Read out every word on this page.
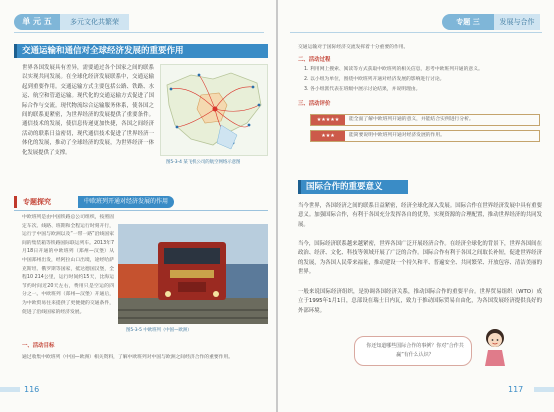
单 元 五	多元文化共繁荣
交通运输和通信对全球经济发展的重要作用
世界各国发展具有差异，需要通过各个国家之间的联系以实现共同发展。在全球化经济发展联系中，交通运输起到重要作用。交通运输方式主要包括公路、铁路、水运、航空和管道运输。现代化的交通运输方式促进了国际合作与交流。现代物流综合运输服务体系，使各国之间的联系更紧密，为世界经济的发展提供了重要条件。通信技术的发展，使信息传递更加快捷，各国之间经济活动的联系日益密切，现代通信技术促进了世界经济一体化的发展，推动了全球经济的发展，为世界经济一体化发展提供了支撑。
图5-3-4 某飞机公司的航空网络示意图
专题探究	中欧班列开通对经济发展的作用
中欧班列是由中国铁路总公司组织，按照固定车次、线路、班期和全程运行时刻开行，运行于中国与欧洲以及“一带一路”沿线国家间的集装箱等铁路国际联运列车。2013年7月18日开通的中欧班列（郑州—汉堡）从中国郑州出发，经阿拉山口出境，途经哈萨克斯坦、俄罗斯等国家，抵达德国汉堡，全程10 214公里，运行时间约15天，比海运节约时间近20天左右，费用只是空运的四分之一。中欧班列（郑州—汉堡）开通后，为中欧贸易往来提供了更便捷的交通条件，促进了沿线国家的经济发展。
图5-3-5 中欧班列（中国—欧洲）
一、活动目标
通过收集中欧班列（中国—欧洲）相关资料，了解中欧班列对中国与欧洲之间经济合作的重要作用。
116
专题 三	发展与合作
交通运输对于国际经济交流发挥着十分重要的作用。
二、活动过程
1. 利用网上搜索、阅读等方式获取中欧班列的相关信息，思考中欧班列开通的意义。
2. 以小组为单位，围绕中欧班列开通对经济发展的影响进行讨论。
3. 各小组派代表在班级中展示讨论结果，并说明理由。
三、活动评价
★★★★★	能全面了解中欧班列开通的意义，并能结合实例进行分析。
★★★	能简要说明中欧班列开通对经济发展的作用。
国际合作的重要意义
当今世界，各国经济之间的联系日益紧密，经济全球化深入发展。国际合作在世界经济发展中具有重要意义。加强国际合作，有利于各国充分发挥各自的优势，实现资源的合理配置，推动世界经济的共同发展。
当今，国际经济联系越来越紧密，世界各国广泛开展经济合作。在经济全球化的背景下，世界各国间在政治、经济、文化、科技等领域开展了广泛的合作。国际合作有利于各国之间取长补短，促进世界经济的发展，为各国人民带来福祉，推动建设一个持久和平、普遍安全、共同繁荣、开放包容、清洁美丽的世界。
一般来说国际经济组织，是协调各国经济关系，推动国际合作的重要平台。世界贸易组织（WTO）成立于1995年1月1日，总部设在瑞士日内瓦，致力于推动国际贸易自由化，为各国发展经济提供良好的外部环境。
你还知道哪些国际合作的事例？你对“合作共赢”有什么认识？
117
